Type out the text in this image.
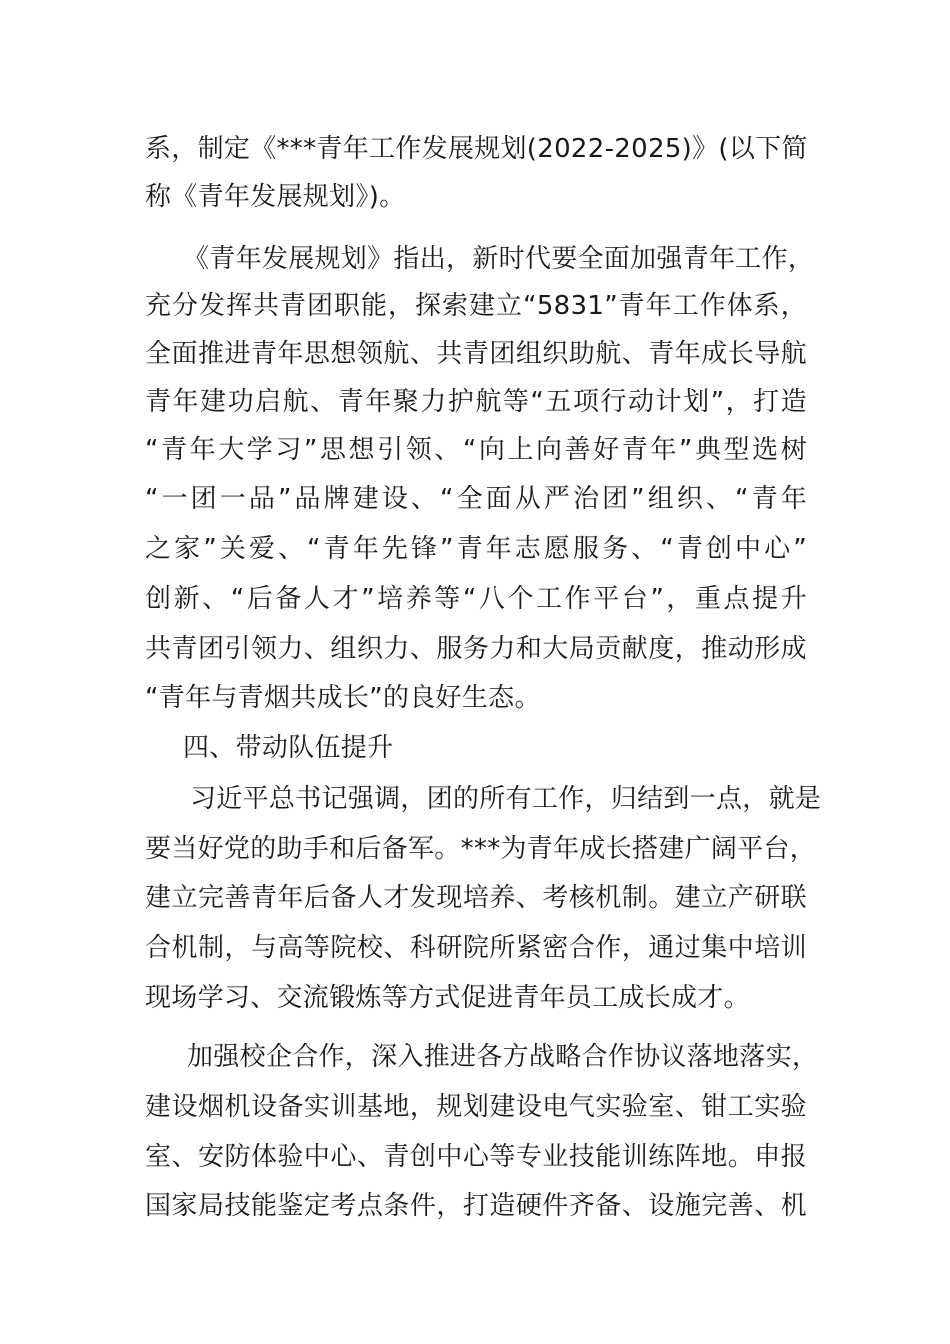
系，制定《***青年工作发展规划(2022-2025)》(以下简
称《青年发展规划》)。
《青年发展规划》指出，新时代要全面加强青年工作，
充分发挥共青团职能，探索建立“5831”青年工作体系，
全面推进青年思想领航、共青团组织助航、青年成长导航
青年建功启航、青年聚力护航等“五项行动计划”，打造
“青年大学习”思想引领、“向上向善好青年”典型选树
“一团一品”品牌建设、“全面从严治团”组织、“青年
之家”关爱、“青年先锋”青年志愿服务、“青创中心”
创新、“后备人才”培养等“八个工作平台”，重点提升
共青团引领力、组织力、服务力和大局贡献度，推动形成
“青年与青烟共成长”的良好生态。
四、带动队伍提升
习近平总书记强调，团的所有工作，归结到一点，就是
要当好党的助手和后备军。***为青年成长搭建广阔平台，
建立完善青年后备人才发现培养、考核机制。建立产研联
合机制，与高等院校、科研院所紧密合作，通过集中培训
现场学习、交流锻炼等方式促进青年员工成长成才。
加强校企合作，深入推进各方战略合作协议落地落实，
建设烟机设备实训基地，规划建设电气实验室、钳工实验
室、安防体验中心、青创中心等专业技能训练阵地。申报
国家局技能鉴定考点条件，打造硬件齐备、设施完善、机
